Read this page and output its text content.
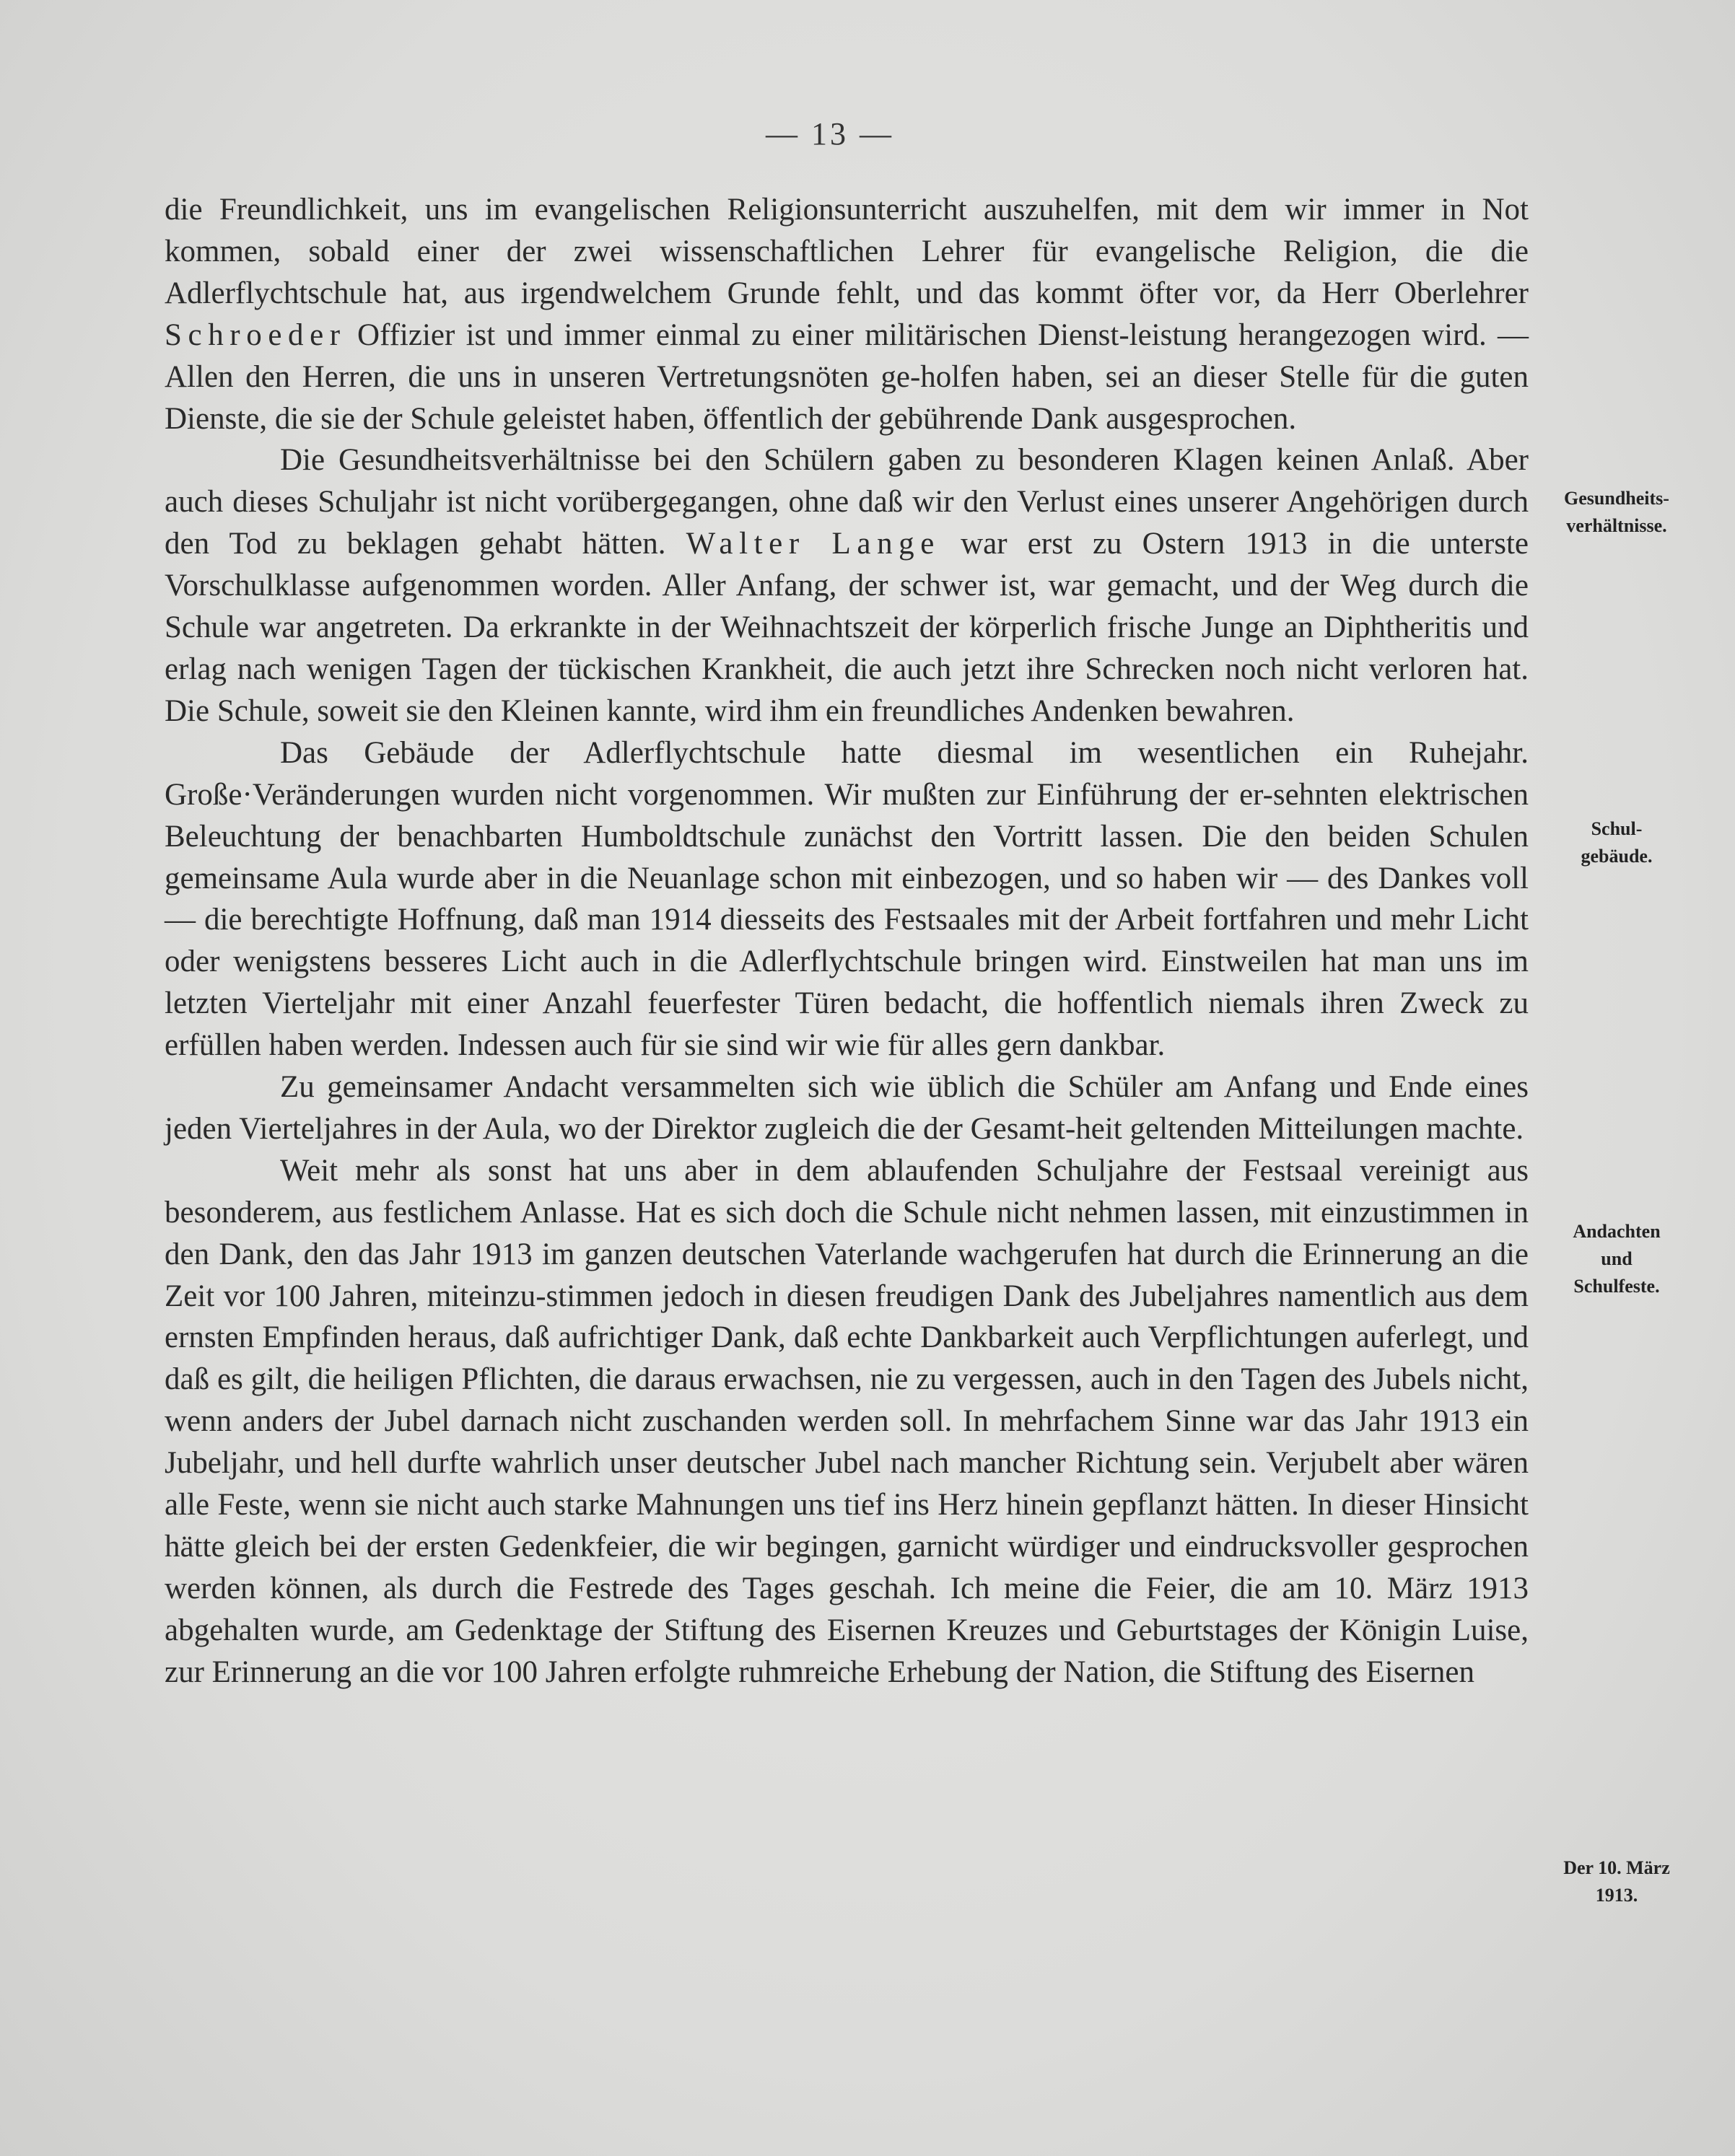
— 13 —

die Freundlichkeit, uns im evangelischen Religionsunterricht auszuhelfen, mit dem wir immer in Not kommen, sobald einer der zwei wissenschaftlichen Lehrer für evangelische Religion, die die Adlerflychtschule hat, aus irgendwelchem Grunde fehlt, und das kommt öfter vor, da Herr Oberlehrer Schroeder Offizier ist und immer einmal zu einer militärischen Dienst-leistung herangezogen wird. — Allen den Herren, die uns in unseren Vertretungsnöten ge-holfen haben, sei an dieser Stelle für die guten Dienste, die sie der Schule geleistet haben, öffentlich der gebührende Dank ausgesprochen.

Die Gesundheitsverhältnisse bei den Schülern gaben zu besonderen Klagen keinen Anlaß. Aber auch dieses Schuljahr ist nicht vorübergegangen, ohne daß wir den Verlust eines unserer Angehörigen durch den Tod zu beklagen gehabt hätten. Walter Lange war erst zu Ostern 1913 in die unterste Vorschulklasse aufgenommen worden. Aller Anfang, der schwer ist, war gemacht, und der Weg durch die Schule war angetreten. Da erkrankte in der Weihnachtszeit der körperlich frische Junge an Diphtheritis und erlag nach wenigen Tagen der tückischen Krankheit, die auch jetzt ihre Schrecken noch nicht verloren hat. Die Schule, soweit sie den Kleinen kannte, wird ihm ein freundliches Andenken bewahren.

Das Gebäude der Adlerflychtschule hatte diesmal im wesentlichen ein Ruhejahr. Große·Veränderungen wurden nicht vorgenommen. Wir mußten zur Einführung der er-sehnten elektrischen Beleuchtung der benachbarten Humboldtschule zunächst den Vortritt lassen. Die den beiden Schulen gemeinsame Aula wurde aber in die Neuanlage schon mit einbezogen, und so haben wir — des Dankes voll — die berechtigte Hoffnung, daß man 1914 diesseits des Festsaales mit der Arbeit fortfahren und mehr Licht oder wenigstens besseres Licht auch in die Adlerflychtschule bringen wird. Einstweilen hat man uns im letzten Vierteljahr mit einer Anzahl feuerfester Türen bedacht, die hoffentlich niemals ihren Zweck zu erfüllen haben werden. Indessen auch für sie sind wir wie für alles gern dankbar.

Zu gemeinsamer Andacht versammelten sich wie üblich die Schüler am Anfang und Ende eines jeden Vierteljahres in der Aula, wo der Direktor zugleich die der Gesamt-heit geltenden Mitteilungen machte.

Weit mehr als sonst hat uns aber in dem ablaufenden Schuljahre der Festsaal vereinigt aus besonderem, aus festlichem Anlasse. Hat es sich doch die Schule nicht nehmen lassen, mit einzustimmen in den Dank, den das Jahr 1913 im ganzen deutschen Vaterlande wachgerufen hat durch die Erinnerung an die Zeit vor 100 Jahren, miteinzu-stimmen jedoch in diesen freudigen Dank des Jubeljahres namentlich aus dem ernsten Empfinden heraus, daß aufrichtiger Dank, daß echte Dankbarkeit auch Verpflichtungen auferlegt, und daß es gilt, die heiligen Pflichten, die daraus erwachsen, nie zu vergessen, auch in den Tagen des Jubels nicht, wenn anders der Jubel darnach nicht zuschanden werden soll. In mehrfachem Sinne war das Jahr 1913 ein Jubeljahr, und hell durfte wahrlich unser deutscher Jubel nach mancher Richtung sein. Verjubelt aber wären alle Feste, wenn sie nicht auch starke Mahnungen uns tief ins Herz hinein gepflanzt hätten. In dieser Hinsicht hätte gleich bei der ersten Gedenkfeier, die wir begingen, garnicht würdiger und eindrucksvoller gesprochen werden können, als durch die Festrede des Tages geschah. Ich meine die Feier, die am 10. März 1913 abgehalten wurde, am Gedenktage der Stiftung des Eisernen Kreuzes und Geburtstages der Königin Luise, zur Erinnerung an die vor 100 Jahren erfolgte ruhmreiche Erhebung der Nation, die Stiftung des Eisernen

Gesundheits-
verhältnisse.
Schul-
gebäude.
Andachten
und
Schulfeste.
Der 10. März
1913.
